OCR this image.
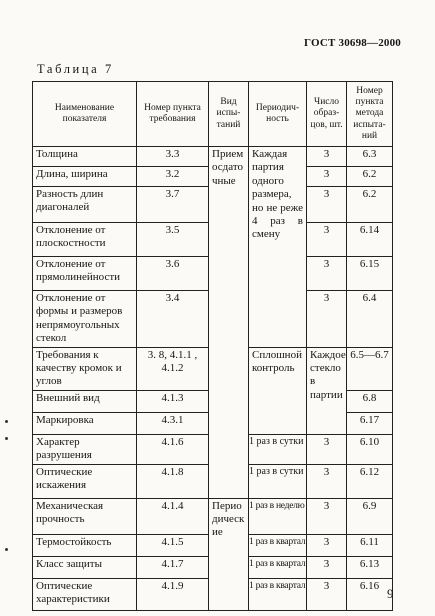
ГОСТ 30698—2000
Таблица 7
Наименование показателя	Номер пункта требования	Вид испы-таний	Периодич-ность	Число образ-цов, шт.	Номер пункта метода испыта-ний
Толщина	3.3	Приемосдаточные	Каждая партия одного размера, но не реже 4 раз в смену	3	6.3
Длина, ширина	3.2			3	6.2
Разность длин диагоналей	3.7			3	6.2
Отклонение от плоскостности	3.5			3	6.14
Отклонение от прямолинейности	3.6			3	6.15
Отклонение от формы и размеров непрямоугольных стекол	3.4			3	6.4
Требования к качеству кромок и углов	3. 8, 4.1.1 , 4.1.2		Сплошной контроль	Каждое стекло в партии	6.5—6.7
Внешний вид	4.1.3				6.8
Маркировка	4.3.1				6.17
Характер разрушения	4.1.6		1 раз в сутки	3	6.10
Оптические искажения	4.1.8		1 раз в сутки	3	6.12
Механическая прочность	4.1.4	Периодические	1 раз в неделю	3	6.9
Термостойкость	4.1.5		1 раз в квартал	3	6.11
Класс защиты	4.1.7		1 раз в квартал	3	6.13
Оптические характеристики	4.1.9		1 раз в квартал	3	6.16
9
